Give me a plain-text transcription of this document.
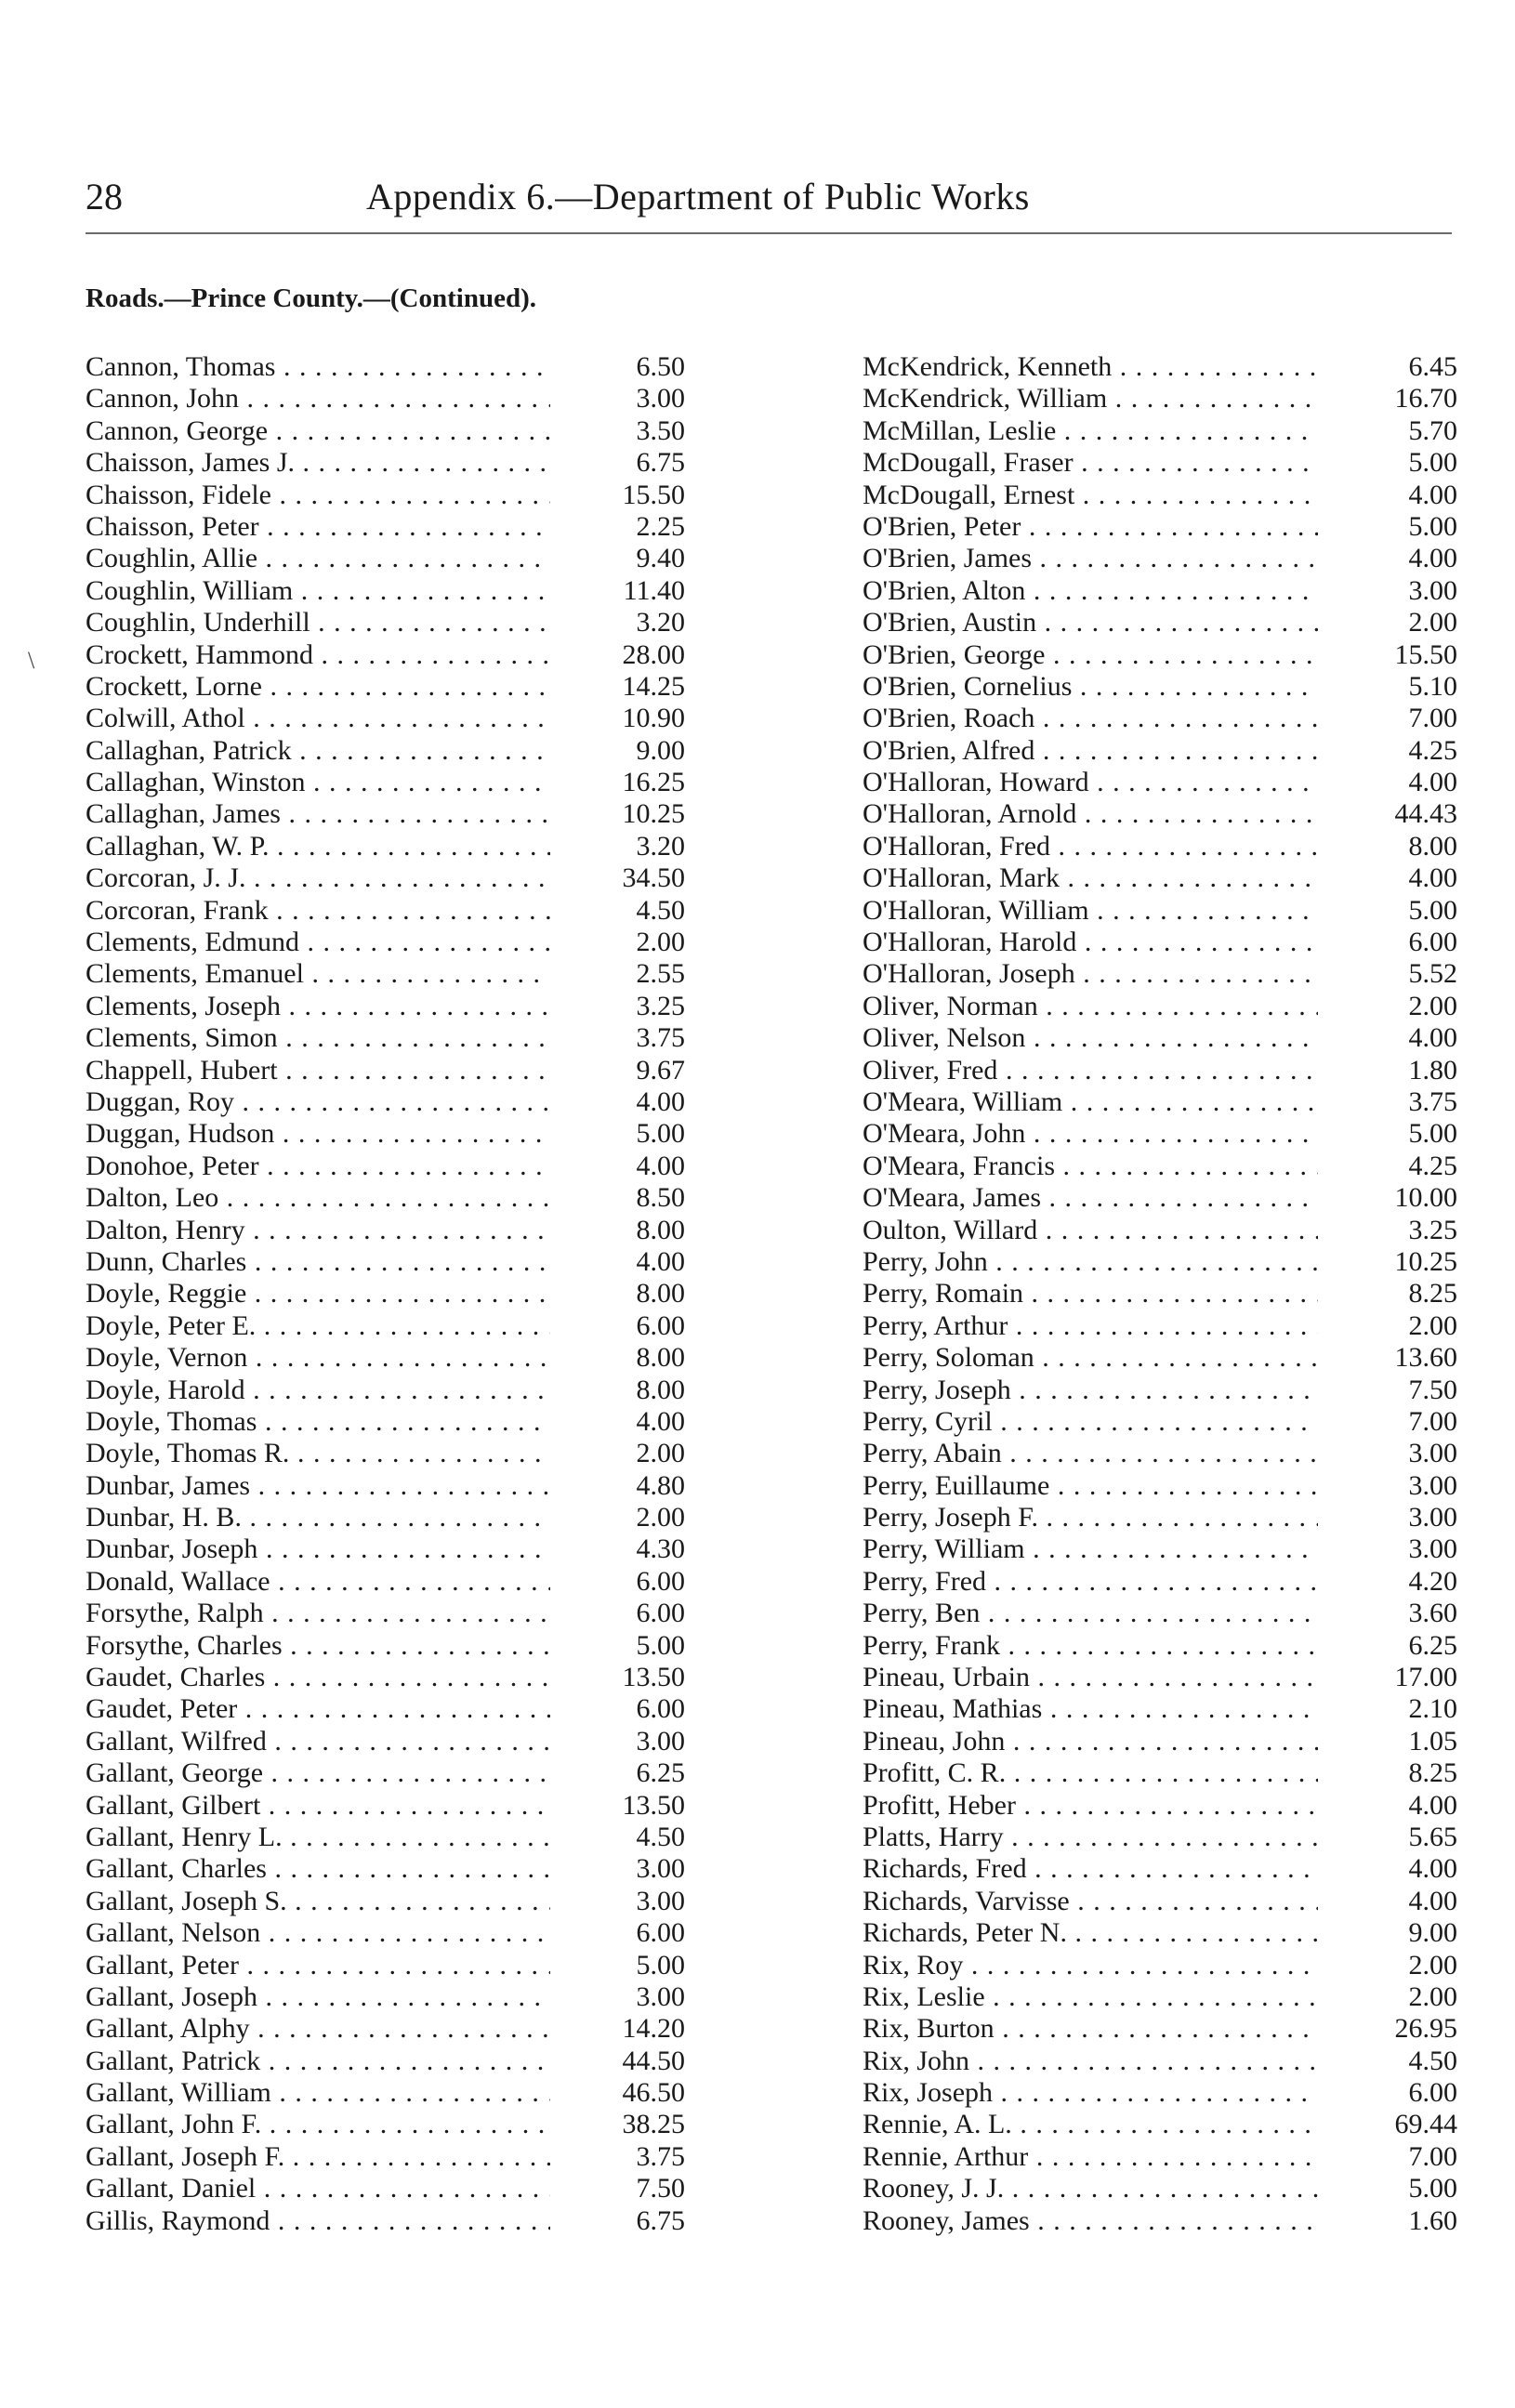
28	Appendix 6.—Department of Public Works
Roads.—Prince County.—(Continued).
\
Cannon, Thomas . . .	6.50
Cannon, John . . .	3.00
Cannon, George . . .	3.50
Chaisson, James J. . . .	6.75
Chaisson, Fidele . . .	15.50
Chaisson, Peter . . .	2.25
Coughlin, Allie . . .	9.40
Coughlin, William . . .	11.40
Coughlin, Underhill . . .	3.20
Crockett, Hammond . . .	28.00
Crockett, Lorne . . .	14.25
Colwill, Athol . . .	10.90
Callaghan, Patrick . . .	9.00
Callaghan, Winston . . .	16.25
Callaghan, James . . .	10.25
Callaghan, W. P. . . .	3.20
Corcoran, J. J. . . .	34.50
Corcoran, Frank . . .	4.50
Clements, Edmund . . .	2.00
Clements, Emanuel . . .	2.55
Clements, Joseph . . .	3.25
Clements, Simon . . .	3.75
Chappell, Hubert . . .	9.67
Duggan, Roy . . .	4.00
Duggan, Hudson . . .	5.00
Donohoe, Peter . . .	4.00
Dalton, Leo . . .	8.50
Dalton, Henry . . .	8.00
Dunn, Charles . . .	4.00
Doyle, Reggie . . .	8.00
Doyle, Peter E. . . .	6.00
Doyle, Vernon . . .	8.00
Doyle, Harold . . .	8.00
Doyle, Thomas . . .	4.00
Doyle, Thomas R. . . .	2.00
Dunbar, James . . .	4.80
Dunbar, H. B. . . .	2.00
Dunbar, Joseph . . .	4.30
Donald, Wallace . . .	6.00
Forsythe, Ralph . . .	6.00
Forsythe, Charles . . .	5.00
Gaudet, Charles . . .	13.50
Gaudet, Peter . . .	6.00
Gallant, Wilfred . . .	3.00
Gallant, George . . .	6.25
Gallant, Gilbert . . .	13.50
Gallant, Henry L. . . .	4.50
Gallant, Charles . . .	3.00
Gallant, Joseph S. . . .	3.00
Gallant, Nelson . . .	6.00
Gallant, Peter . . .	5.00
Gallant, Joseph . . .	3.00
Gallant, Alphy . . .	14.20
Gallant, Patrick . . .	44.50
Gallant, William . . .	46.50
Gallant, John F. . . .	38.25
Gallant, Joseph F. . . .	3.75
Gallant, Daniel . . .	7.50
Gillis, Raymond . . .	6.75
McKendrick, Kenneth . . .	6.45
McKendrick, William . . .	16.70
McMillan, Leslie . . .	5.70
McDougall, Fraser . . .	5.00
McDougall, Ernest . . .	4.00
O'Brien, Peter . . .	5.00
O'Brien, James . . .	4.00
O'Brien, Alton . . .	3.00
O'Brien, Austin . . .	2.00
O'Brien, George . . .	15.50
O'Brien, Cornelius . . .	5.10
O'Brien, Roach . . .	7.00
O'Brien, Alfred . . .	4.25
O'Halloran, Howard . . .	4.00
O'Halloran, Arnold . . .	44.43
O'Halloran, Fred . . .	8.00
O'Halloran, Mark . . .	4.00
O'Halloran, William . . .	5.00
O'Halloran, Harold . . .	6.00
O'Halloran, Joseph . . .	5.52
Oliver, Norman . . .	2.00
Oliver, Nelson . . .	4.00
Oliver, Fred . . .	1.80
O'Meara, William . . .	3.75
O'Meara, John . . .	5.00
O'Meara, Francis . . .	4.25
O'Meara, James . . .	10.00
Oulton, Willard . . .	3.25
Perry, John . . .	10.25
Perry, Romain . . .	8.25
Perry, Arthur . . .	2.00
Perry, Soloman . . .	13.60
Perry, Joseph . . .	7.50
Perry, Cyril . . .	7.00
Perry, Abain . . .	3.00
Perry, Euillaume . . .	3.00
Perry, Joseph F. . . .	3.00
Perry, William . . .	3.00
Perry, Fred . . .	4.20
Perry, Ben . . .	3.60
Perry, Frank . . .	6.25
Pineau, Urbain . . .	17.00
Pineau, Mathias . . .	2.10
Pineau, John . . .	1.05
Profitt, C. R. . . .	8.25
Profitt, Heber . . .	4.00
Platts, Harry . . .	5.65
Richards, Fred . . .	4.00
Richards, Varvisse . . .	4.00
Richards, Peter N. . . .	9.00
Rix, Roy . . .	2.00
Rix, Leslie . . .	2.00
Rix, Burton . . .	26.95
Rix, John . . .	4.50
Rix, Joseph . . .	6.00
Rennie, A. L. . . .	69.44
Rennie, Arthur . . .	7.00
Rooney, J. J. . . .	5.00
Rooney, James . . .	1.60
